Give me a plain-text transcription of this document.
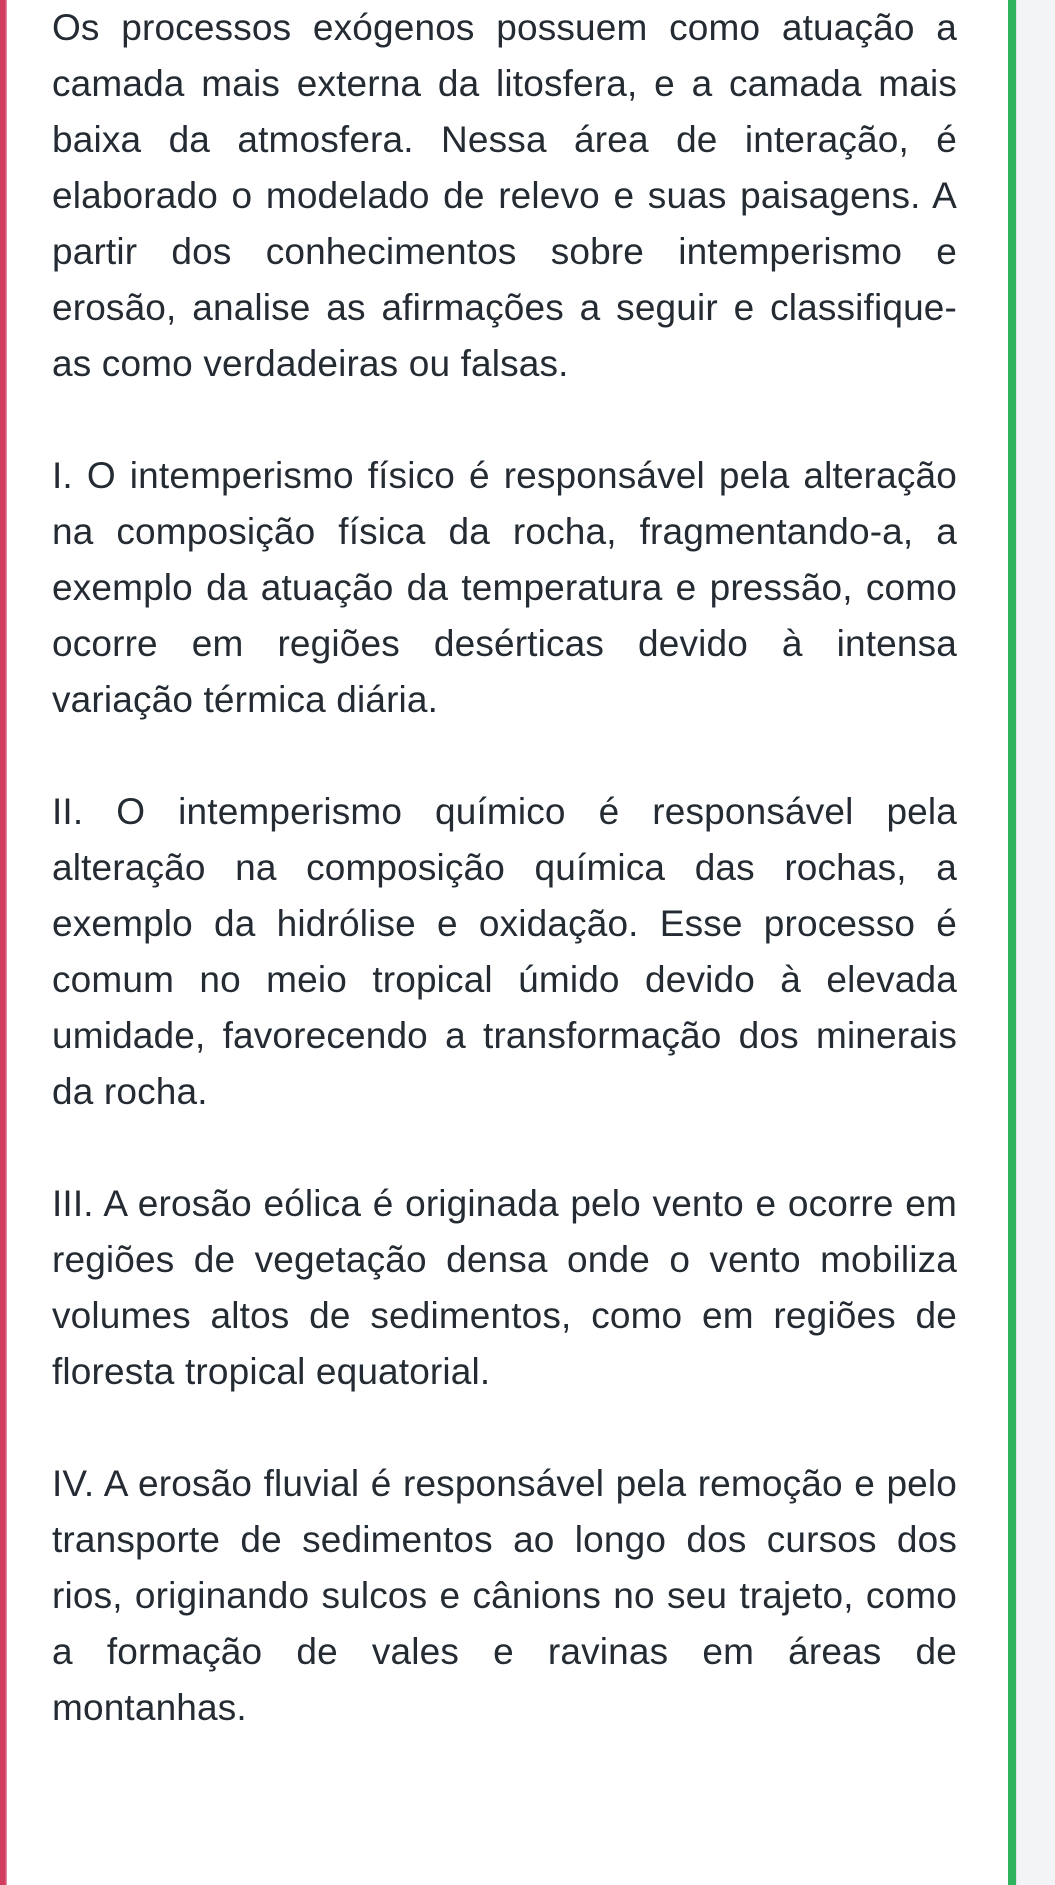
Os processos exógenos possuem como atuação a camada mais externa da litosfera, e a camada mais baixa da atmosfera. Nessa área de interação, é elaborado o modelado de relevo e suas paisagens. A partir dos conhecimentos sobre intemperismo e erosão, analise as afirmações a seguir e classifique-as como verdadeiras ou falsas.

I. O intemperismo físico é responsável pela alteração na composição física da rocha, fragmentando-a, a exemplo da atuação da temperatura e pressão, como ocorre em regiões desérticas devido à intensa variação térmica diária.

II. O intemperismo químico é responsável pela alteração na composição química das rochas, a exemplo da hidrólise e oxidação. Esse processo é comum no meio tropical úmido devido à elevada umidade, favorecendo a transformação dos minerais da rocha.

III. A erosão eólica é originada pelo vento e ocorre em regiões de vegetação densa onde o vento mobiliza volumes altos de sedimentos, como em regiões de floresta tropical equatorial.

IV. A erosão fluvial é responsável pela remoção e pelo transporte de sedimentos ao longo dos cursos dos rios, originando sulcos e cânions no seu trajeto, como a formação de vales e ravinas em áreas de montanhas.
